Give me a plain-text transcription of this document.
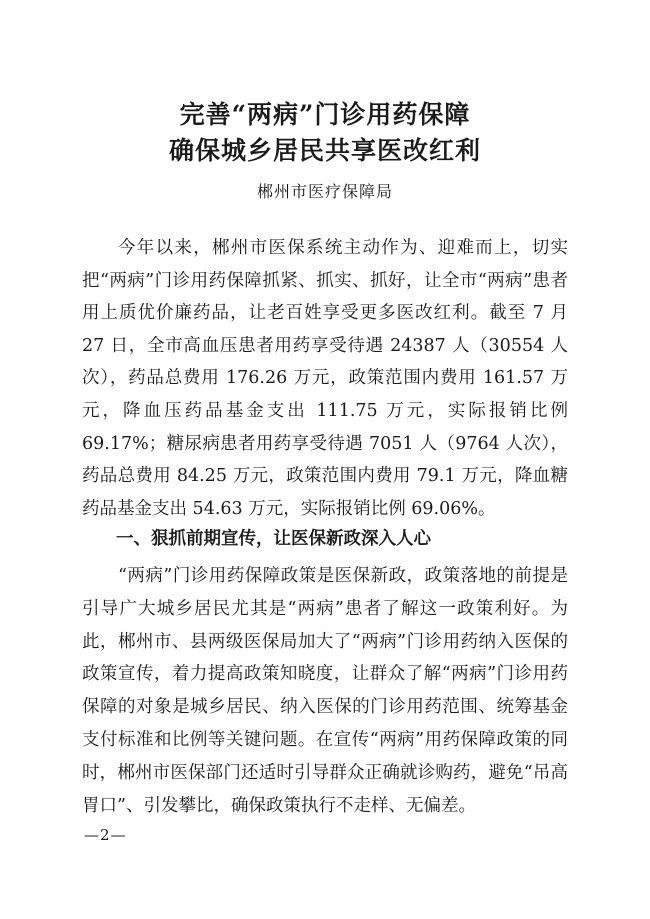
完善“两病”门诊用药保障
确保城乡居民共享医改红利
郴州市医疗保障局
今年以来，郴州市医保系统主动作为、迎难而上，切实把“两病”门诊用药保障抓紧、抓实、抓好，让全市“两病”患者用上质优价廉药品，让老百姓享受更多医改红利。截至 7 月 27 日，全市高血压患者用药享受待遇 24387 人（30554 人次），药品总费用 176.26 万元，政策范围内费用 161.57 万元，降血压药品基金支出 111.75 万元，实际报销比例 69.17%；糖尿病患者用药享受待遇 7051 人（9764 人次），药品总费用 84.25 万元，政策范围内费用 79.1 万元，降血糖药品基金支出 54.63 万元，实际报销比例 69.06%。
一、狠抓前期宣传，让医保新政深入人心
“两病”门诊用药保障政策是医保新政，政策落地的前提是引导广大城乡居民尤其是“两病”患者了解这一政策利好。为此，郴州市、县两级医保局加大了“两病”门诊用药纳入医保的政策宣传，着力提高政策知晓度，让群众了解“两病”门诊用药保障的对象是城乡居民、纳入医保的门诊用药范围、统筹基金支付标准和比例等关键问题。在宣传“两病”用药保障政策的同时，郴州市医保部门还适时引导群众正确就诊购药，避免“吊高胃口”、引发攀比，确保政策执行不走样、无偏差。
—2—
